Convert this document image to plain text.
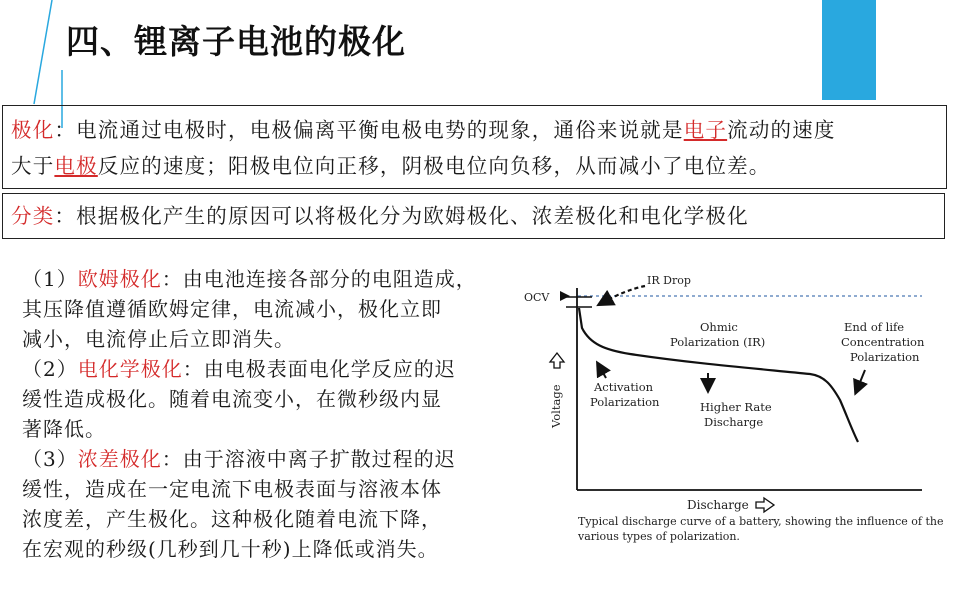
四、锂离子电池的极化
极化：电流通过电极时，电极偏离平衡电极电势的现象，通俗来说就是电子流动的速度
大于电极反应的速度；阳极电位向正移，阴极电位向负移，从而减小了电位差。
分类：根据极化产生的原因可以将极化分为欧姆极化、浓差极化和电化学极化

（1）欧姆极化：由电池连接各部分的电阻造成，

其压降值遵循欧姆定律，电流减小，极化立即

减小，电流停止后立即消失。

（2）电化学极化：由电极表面电化学反应的迟

缓性造成极化。随着电流变小，在微秒级内显

著降低。

（3）浓差极化：由于溶液中离子扩散过程的迟

缓性，造成在一定电流下电极表面与溶液本体

浓度差，产生极化。这种极化随着电流下降，

在宏观的秒级(几秒到几十秒)上降低或消失。

OCV
IR Drop
Ohmic
Polarization (IR)
End of life
Concentration
Polarization
Activation
Polarization	Higher Rate
Discharge
Voltage
Discharge

Typical discharge curve of a battery, showing the influence of the

various types of polarization.
